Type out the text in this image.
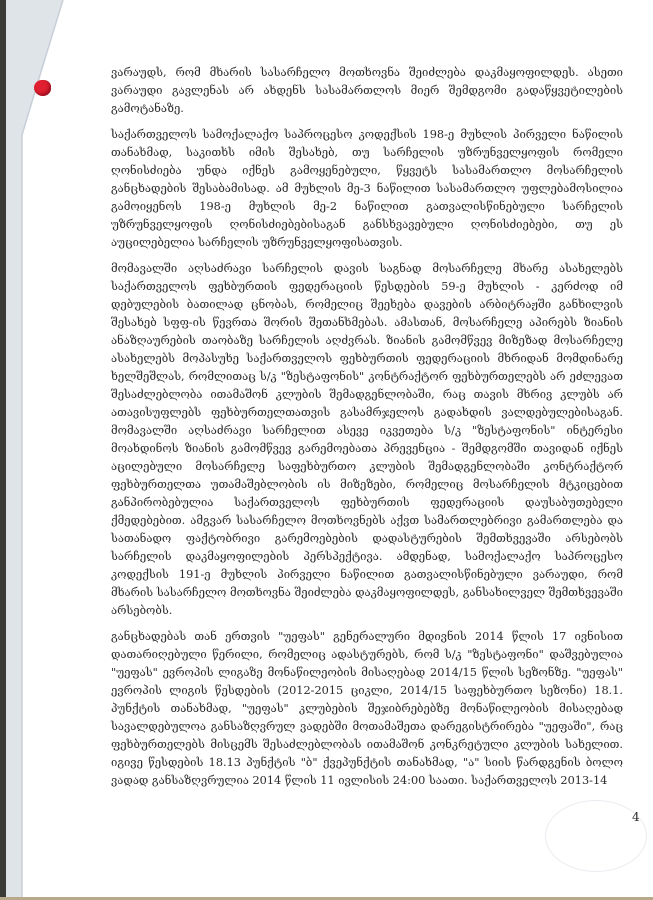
ვარაუდს, რომ მხარის სასარჩელო მოთხოვნა შეიძლება დაკმაყოფილდეს. ასეთი ვარაუდი გავლენას არ ახდენს სასამართლოს მიერ შემდგომი გადაწყვეტილების გამოტანაზე.

საქართველოს სამოქალაქო საპროცესო კოდექსის 198-ე მუხლის პირველი ნაწილის თანახმად, საკითხს იმის შესახებ, თუ სარჩელის უზრუნველყოფის რომელი ღონისძიება უნდა იქნეს გამოყენებული, წყვეტს სასამართლო მოსარჩელის განცხადების შესაბამისად. ამ მუხლის მე-3 ნაწილით სასამართლო უფლებამოსილია გამოიყენოს 198-ე მუხლის მე-2 ნაწილით გათვალისწინებული სარჩელის უზრუნველყოფის ღონისძიებებისაგან განსხვავებული ღონისძიებები, თუ ეს აუცილებელია სარჩელის უზრუნველყოფისათვის.

მომავალში აღსაძრავი სარჩელის დავის საგნად მოსარჩელე მხარე ასახელებს საქართველოს ფეხბურთის ფედერაციის წესდების 59-ე მუხლის - კერძოდ იმ დებულების ბათილად ცნობას, რომელიც შეეხება დავების არბიტრაჟში განხილვის შესახებ სფფ-ის წევრთა შორის შეთანხმებას. ამასთან, მოსარჩელე აპირებს ზიანის ანაზღაურების თაობაზე სარჩელის აღძვრას. ზიანის გამომწვევ მიზეზად მოსარჩელე ასახელებს მოპასუხე საქართველოს ფეხბურთის ფედერაციის მხრიდან მომდინარე ხელშეშლას, რომლითაც ს/კ "ზესტაფონის" კონტრაქტორ ფეხბურთელებს არ ეძლევათ შესაძლებლობა ითამაშონ კლუბის შემადგენლობაში, რაც თავის მხრივ კლუბს არ ათავისუფლებს ფეხბურთელთათვის გასამრჯელოს გადახდის ვალდებულებისაგან. მომავალში აღსაძრავი სარჩელით ასევე იკვეთება ს/კ "ზესტაფონის" ინტერესი მოახდინოს ზიანის გამომწვევ გარემოებათა პრევენცია - შემდგომში თავიდან იქნეს აცილებული მოსარჩელე საფეხბურთო კლუბის შემადგენლობაში კონტრაქტორ ფეხბურთელთა უთამაშებლობის ის მიზეზები, რომელიც მოსარჩელის მტკიცებით განპირობებულია საქართველოს ფეხბურთის ფედერაციის დაუსაბუთებელი ქმედებებით. ამგვარ სასარჩელო მოთხოვნებს აქვთ სამართლებრივი გამართლება და სათანადო ფაქტობრივი გარემოებების დადასტურების შემთხვევაში არსებობს სარჩელის დაკმაყოფილების პერსპექტივა. ამდენად, სამოქალაქო საპროცესო კოდექსის 191-ე მუხლის პირველი ნაწილით გათვალისწინებული ვარაუდი, რომ მხარის სასარჩელო მოთხოვნა შეიძლება დაკმაყოფილდეს, განსახილველ შემთხვევაში არსებობს.

განცხადებას თან ერთვის "უეფას" გენერალური მდივნის 2014 წლის 17 ივნისით დათარიღებული წერილი, რომელიც ადასტურებს, რომ ს/კ "ზესტაფონი" დაშვებულია "უეფას" ევროპის ლიგაზე მონაწილეობის მისაღებად 2014/15 წლის სეზონზე. "უეფას" ევროპის ლიგის წესდების (2012-2015 ციკლი, 2014/15 საფეხბურთო სეზონი) 18.1. პუნქტის თანახმად, "უეფას" კლუბების შეჯიბრებებზე მონაწილეობის მისაღებად სავალდებულოა განსაზღვრულ ვადებში მოთამაშეთა დარეგისტრირება "უეფაში", რაც ფეხბურთელებს მისცემს შესაძლებლობას ითამაშონ კონკრეტული კლუბის სახელით. იგივე წესდების 18.13 პუნქტის "ბ" ქვეპუნქტის თანახმად, "ა" სიის წარდგენის ბოლო ვადად განსაზღვრულია 2014 წლის 11 ივლისის 24:00 საათი. საქართველოს 2013-14

4
